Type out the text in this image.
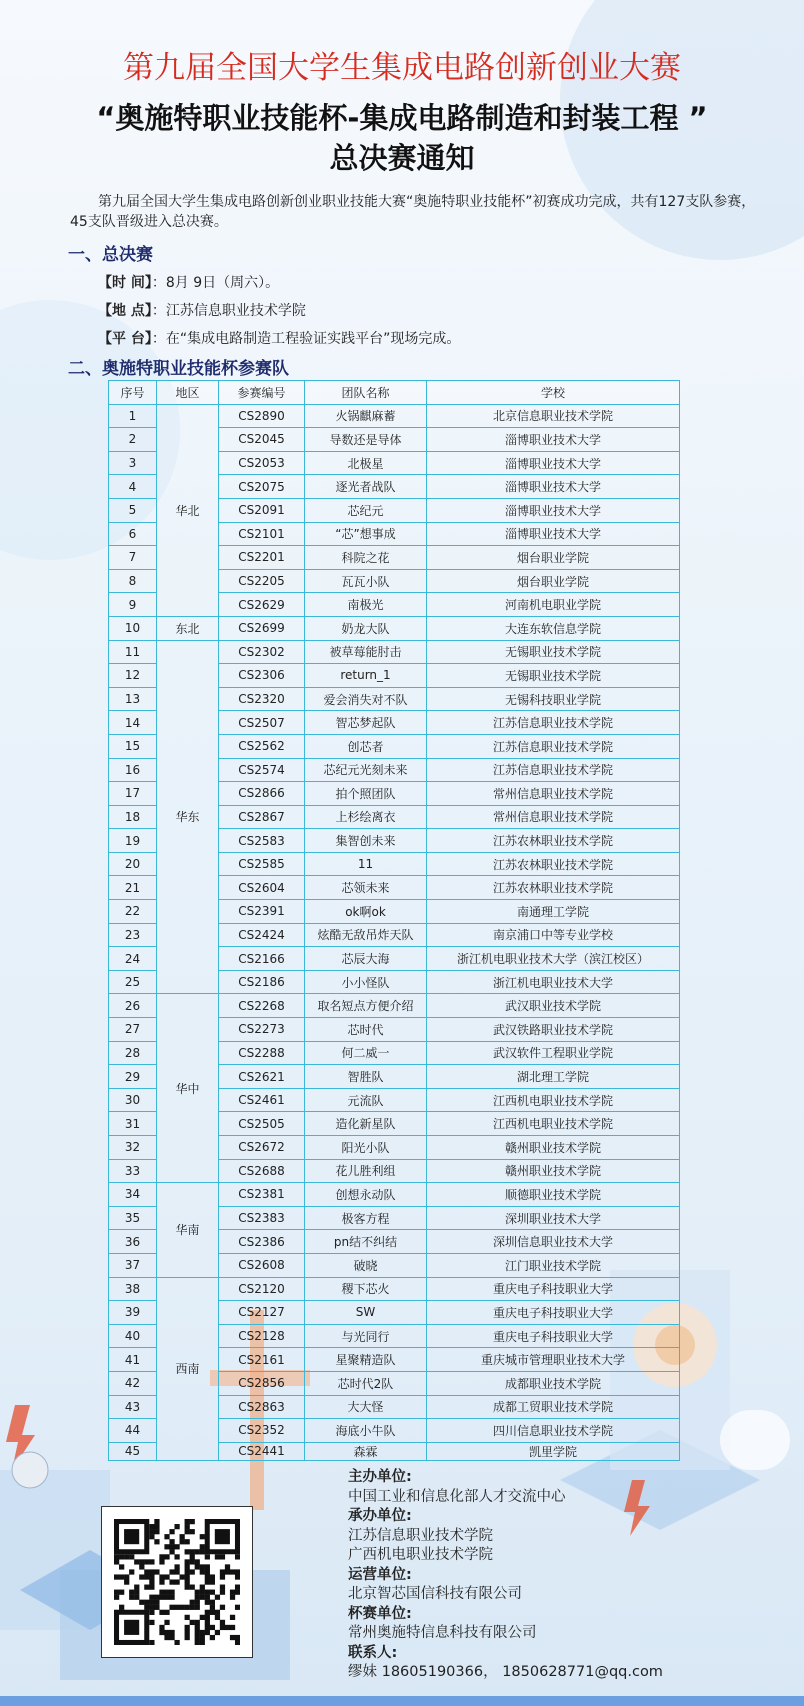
第九届全国大学生集成电路创新创业大赛
“奥施特职业技能杯-集成电路制造和封装工程 ”
总决赛通知
第九届全国大学生集成电路创新创业职业技能大赛“奥施特职业技能杯”初赛成功完成，共有127支队参赛，45支队晋级进入总决赛。
一、总决赛
【时 间】：8月 9日（周六）。
【地 点】：江苏信息职业技术学院
【平 台】：在“集成电路制造工程验证实践平台”现场完成。
二、奥施特职业技能杯参赛队
序号	地区	参赛编号	团队名称	学校
1	华北	CS2890	火锅麒麻蓄	北京信息职业技术学院
2		CS2045	导数还是导体	淄博职业技术大学
3		CS2053	北极星	淄博职业技术大学
4		CS2075	逐光者战队	淄博职业技术大学
5		CS2091	芯纪元	淄博职业技术大学
6		CS2101	“芯”想事成	淄博职业技术大学
7		CS2201	科院之花	烟台职业学院
8		CS2205	瓦瓦小队	烟台职业学院
9		CS2629	南极光	河南机电职业学院
10	东北	CS2699	奶龙大队	大连东软信息学院
11	华东	CS2302	被草莓能肘击	无锡职业技术学院
12		CS2306	return_1	无锡职业技术学院
13		CS2320	爱会消失对不队	无锡科技职业学院
14		CS2507	智芯梦起队	江苏信息职业技术学院
15		CS2562	创芯者	江苏信息职业技术学院
16		CS2574	芯纪元光刻未来	江苏信息职业技术学院
17		CS2866	拍个照团队	常州信息职业技术学院
18		CS2867	上杉绘离衣	常州信息职业技术学院
19		CS2583	集智创未来	江苏农林职业技术学院
20		CS2585	11	江苏农林职业技术学院
21		CS2604	芯领未来	江苏农林职业技术学院
22		CS2391	ok啊ok	南通理工学院
23		CS2424	炫酷无敌吊炸天队	南京浦口中等专业学校
24		CS2166	芯辰大海	浙江机电职业技术大学（滨江校区）
25		CS2186	小小怪队	浙江机电职业技术大学
26	华中	CS2268	取名短点方便介绍	武汉职业技术学院
27		CS2273	芯时代	武汉铁路职业技术学院
28		CS2288	何二威一	武汉软件工程职业学院
29		CS2621	智胜队	湖北理工学院
30		CS2461	元流队	江西机电职业技术学院
31		CS2505	造化新星队	江西机电职业技术学院
32		CS2672	阳光小队	赣州职业技术学院
33		CS2688	花儿胜利组	赣州职业技术学院
34	华南	CS2381	创想永动队	顺德职业技术学院
35		CS2383	极客方程	深圳职业技术大学
36		CS2386	pn结不纠结	深圳信息职业技术大学
37		CS2608	破晓	江门职业技术学院
38	西南	CS2120	稷下芯火	重庆电子科技职业大学
39		CS2127	SW	重庆电子科技职业大学
40		CS2128	与光同行	重庆电子科技职业大学
41		CS2161	星聚精造队	重庆城市管理职业技术大学
42		CS2856	芯时代2队	成都职业技术学院
43		CS2863	大大怪	成都工贸职业技术学院
44		CS2352	海底小牛队	四川信息职业技术学院
45		CS2441	森霖	凯里学院
主办单位:
中国工业和信息化部人才交流中心
承办单位:
江苏信息职业技术学院
广西机电职业技术学院
运营单位:
北京智芯国信科技有限公司
杯赛单位:
常州奥施特信息科技有限公司
联系人:
缪妹 18605190366， 1850628771@qq.com
